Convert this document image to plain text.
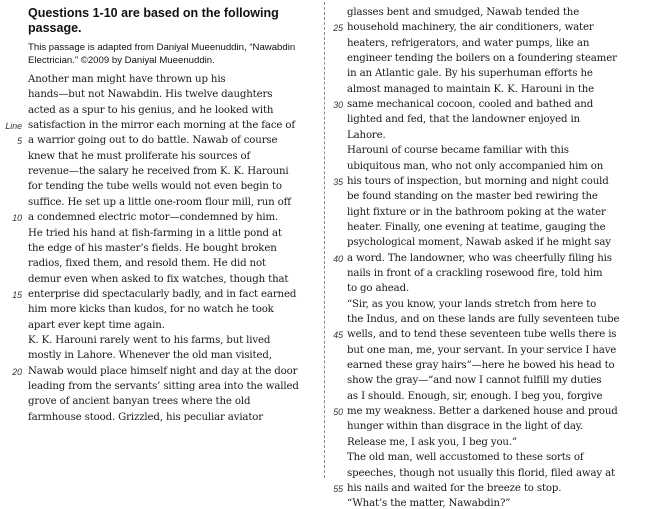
Questions 1-10 are based on the following passage.
This passage is adapted from Daniyal Mueenuddin, “Nawabdin Electrician.” ©2009 by Daniyal Mueenuddin.
Another man might have thrown up his
hands—but not Nawabdin. His twelve daughters
acted as a spur to his genius, and he looked with
satisfaction in the mirror each morning at the face of
Line
a warrior going out to do battle. Nawab of course
5
knew that he must proliferate his sources of
revenue—the salary he received from K. K. Harouni
for tending the tube wells would not even begin to
suffice. He set up a little one-room flour mill, run off
a condemned electric motor—condemned by him.
10
He tried his hand at fish-farming in a little pond at
the edge of his master’s fields. He bought broken
radios, fixed them, and resold them. He did not
demur even when asked to fix watches, though that
enterprise did spectacularly badly, and in fact earned
15
him more kicks than kudos, for no watch he took
apart ever kept time again.
K. K. Harouni rarely went to his farms, but lived
mostly in Lahore. Whenever the old man visited,
Nawab would place himself night and day at the door
20
leading from the servants’ sitting area into the walled
grove of ancient banyan trees where the old
farmhouse stood. Grizzled, his peculiar aviator
glasses bent and smudged, Nawab tended the
household machinery, the air conditioners, water
25
heaters, refrigerators, and water pumps, like an
engineer tending the boilers on a foundering steamer
in an Atlantic gale. By his superhuman efforts he
almost managed to maintain K. K. Harouni in the
same mechanical cocoon, cooled and bathed and
30
lighted and fed, that the landowner enjoyed in
Lahore.
Harouni of course became familiar with this
ubiquitous man, who not only accompanied him on
his tours of inspection, but morning and night could
35
be found standing on the master bed rewiring the
light fixture or in the bathroom poking at the water
heater. Finally, one evening at teatime, gauging the
psychological moment, Nawab asked if he might say
a word. The landowner, who was cheerfully filing his
40
nails in front of a crackling rosewood fire, told him
to go ahead.
“Sir, as you know, your lands stretch from here to
the Indus, and on these lands are fully seventeen tube
wells, and to tend these seventeen tube wells there is
45
but one man, me, your servant. In your service I have
earned these gray hairs”—here he bowed his head to
show the gray—“and now I cannot fulfill my duties
as I should. Enough, sir, enough. I beg you, forgive
me my weakness. Better a darkened house and proud
50
hunger within than disgrace in the light of day.
Release me, I ask you, I beg you.”
The old man, well accustomed to these sorts of
speeches, though not usually this florid, filed away at
his nails and waited for the breeze to stop.
55
“What’s the matter, Nawabdin?”
